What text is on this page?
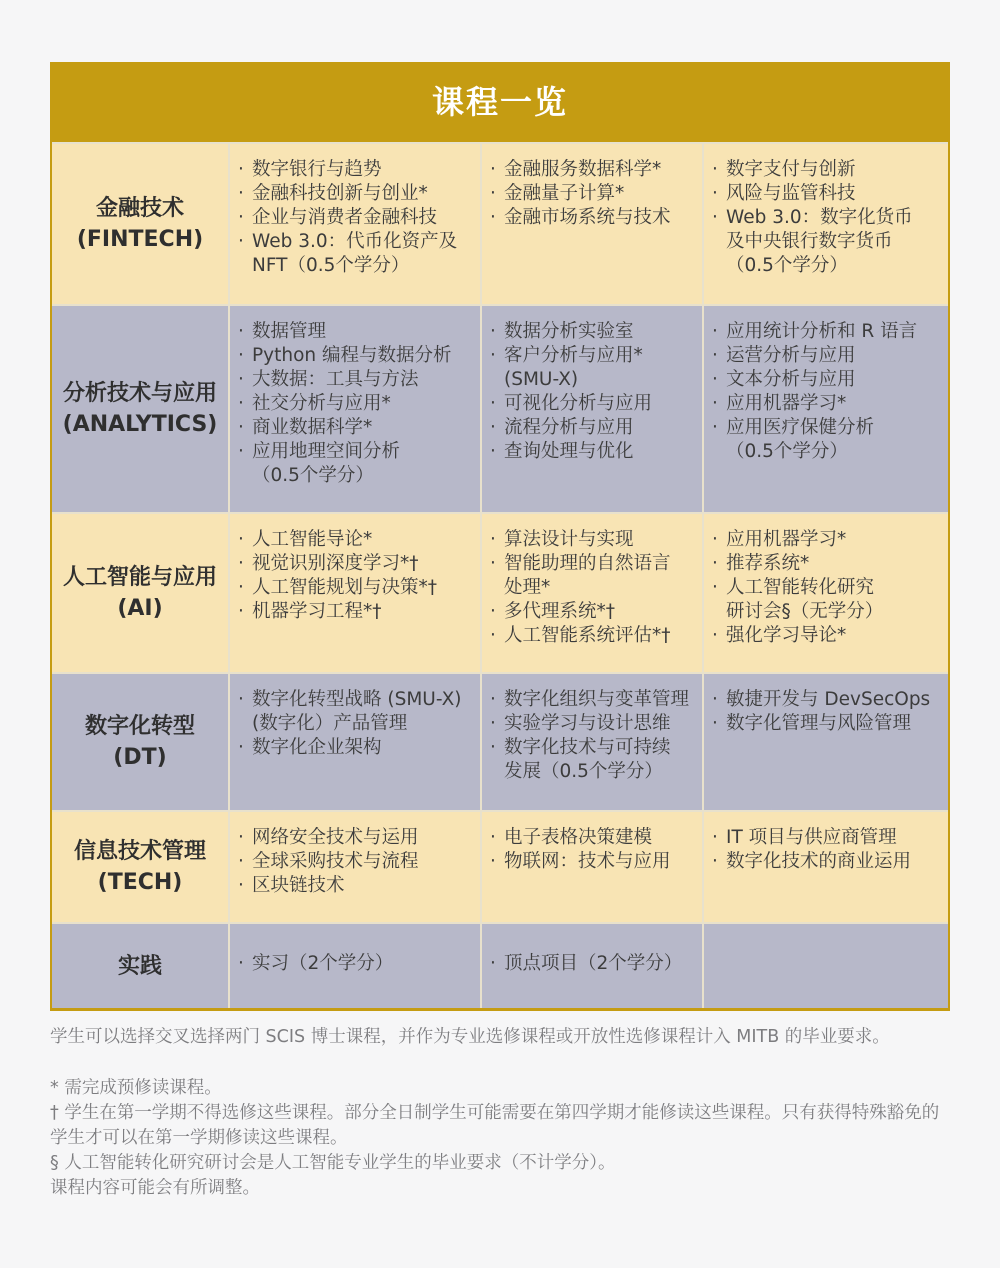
课程一览
金融技术
(FINTECH)
· 数字银行与趋势
· 金融科技创新与创业*
· 企业与消费者金融科技
· Web 3.0：代币化资产及
NFT（0.5个学分）
· 金融服务数据科学*
· 金融量子计算*
· 金融市场系统与技术
· 数字支付与创新
· 风险与监管科技
· Web 3.0：数字化货币
及中央银行数字货币
（0.5个学分）
分析技术与应用
(ANALYTICS)
· 数据管理
· Python 编程与数据分析
· 大数据：工具与方法
· 社交分析与应用*
· 商业数据科学*
· 应用地理空间分析
（0.5个学分）
· 数据分析实验室
· 客户分析与应用*
(SMU-X)
· 可视化分析与应用
· 流程分析与应用
· 查询处理与优化
· 应用统计分析和 R 语言
· 运营分析与应用
· 文本分析与应用
· 应用机器学习*
· 应用医疗保健分析
（0.5个学分）
人工智能与应用
(AI)
· 人工智能导论*
· 视觉识别深度学习*†
· 人工智能规划与决策*†
· 机器学习工程*†
· 算法设计与实现
· 智能助理的自然语言
处理*
· 多代理系统*†
· 人工智能系统评估*†
· 应用机器学习*
· 推荐系统*
· 人工智能转化研究
研讨会§（无学分）
· 强化学习导论*
数字化转型
(DT)
· 数字化转型战略 (SMU-X)
(数字化）产品管理
· 数字化企业架构
· 数字化组织与变革管理
· 实验学习与设计思维
· 数字化技术与可持续
发展（0.5个学分）
· 敏捷开发与 DevSecOps
· 数字化管理与风险管理
信息技术管理
(TECH)
· 网络安全技术与运用
· 全球采购技术与流程
· 区块链技术
· 电子表格决策建模
· 物联网：技术与应用
· IT 项目与供应商管理
· 数字化技术的商业运用
实践	· 实习（2个学分）	· 顶点项目（2个学分）

学生可以选择交叉选择两门 SCIS 博士课程，并作为专业选修课程或开放性选修课程计入 MITB 的毕业要求。

* 需完成预修读课程。

† 学生在第一学期不得选修这些课程。部分全日制学生可能需要在第四学期才能修读这些课程。只有获得特殊豁免的学生才可以在第一学期修读这些课程。

§ 人工智能转化研究研讨会是人工智能专业学生的毕业要求（不计学分）。

课程内容可能会有所调整。
